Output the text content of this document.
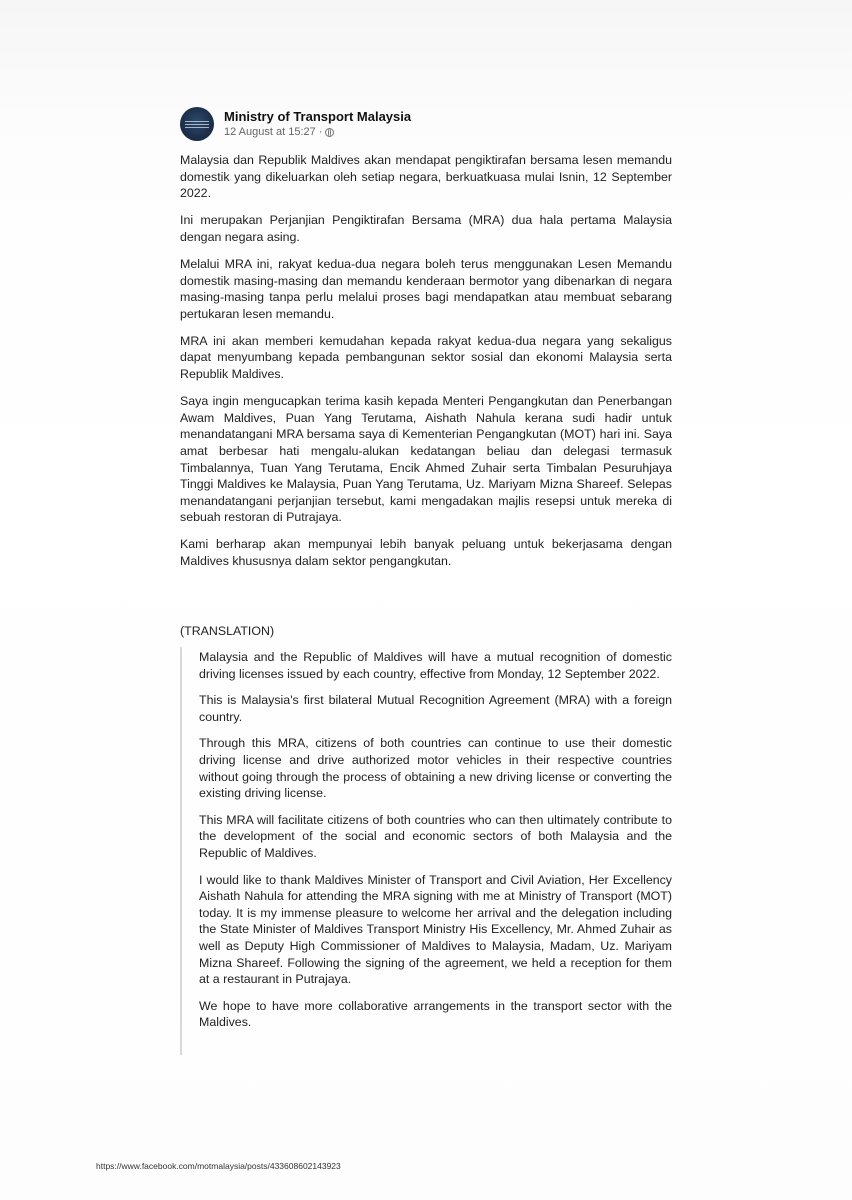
Ministry of Transport Malaysia
12 August at 15:27 ·

Malaysia dan Republik Maldives akan mendapat pengiktirafan bersama lesen memandu domestik yang dikeluarkan oleh setiap negara, berkuatkuasa mulai Isnin, 12 September 2022.

Ini merupakan Perjanjian Pengiktirafan Bersama (MRA) dua hala pertama Malaysia dengan negara asing.

Melalui MRA ini, rakyat kedua-dua negara boleh terus menggunakan Lesen Memandu domestik masing-masing dan memandu kenderaan bermotor yang dibenarkan di negara masing-masing tanpa perlu melalui proses bagi mendapatkan atau membuat sebarang pertukaran lesen memandu.

MRA ini akan memberi kemudahan kepada rakyat kedua-dua negara yang sekaligus dapat menyumbang kepada pembangunan sektor sosial dan ekonomi Malaysia serta Republik Maldives.

Saya ingin mengucapkan terima kasih kepada Menteri Pengangkutan dan Penerbangan Awam Maldives, Puan Yang Terutama, Aishath Nahula kerana sudi hadir untuk menandatangani MRA bersama saya di Kementerian Pengangkutan (MOT) hari ini. Saya amat berbesar hati mengalu-alukan kedatangan beliau dan delegasi termasuk Timbalannya, Tuan Yang Terutama, Encik Ahmed Zuhair serta Timbalan Pesuruhjaya Tinggi Maldives ke Malaysia, Puan Yang Terutama, Uz. Mariyam Mizna Shareef. Selepas menandatangani perjanjian tersebut, kami mengadakan majlis resepsi untuk mereka di sebuah restoran di Putrajaya.

Kami berharap akan mempunyai lebih banyak peluang untuk bekerjasama dengan Maldives khususnya dalam sektor pengangkutan.

(TRANSLATION)

Malaysia and the Republic of Maldives will have a mutual recognition of domestic driving licenses issued by each country, effective from Monday, 12 September 2022.

This is Malaysia's first bilateral Mutual Recognition Agreement (MRA) with a foreign country.

Through this MRA, citizens of both countries can continue to use their domestic driving license and drive authorized motor vehicles in their respective countries without going through the process of obtaining a new driving license or converting the existing driving license.

This MRA will facilitate citizens of both countries who can then ultimately contribute to the development of the social and economic sectors of both Malaysia and the Republic of Maldives.

I would like to thank Maldives Minister of Transport and Civil Aviation, Her Excellency Aishath Nahula for attending the MRA signing with me at Ministry of Transport (MOT) today. It is my immense pleasure to welcome her arrival and the delegation including the State Minister of Maldives Transport Ministry His Excellency, Mr. Ahmed Zuhair as well as Deputy High Commissioner of Maldives to Malaysia, Madam, Uz. Mariyam Mizna Shareef. Following the signing of the agreement, we held a reception for them at a restaurant in Putrajaya.

We hope to have more collaborative arrangements in the transport sector with the Maldives.

https://www.facebook.com/motmalaysia/posts/433608602143923
